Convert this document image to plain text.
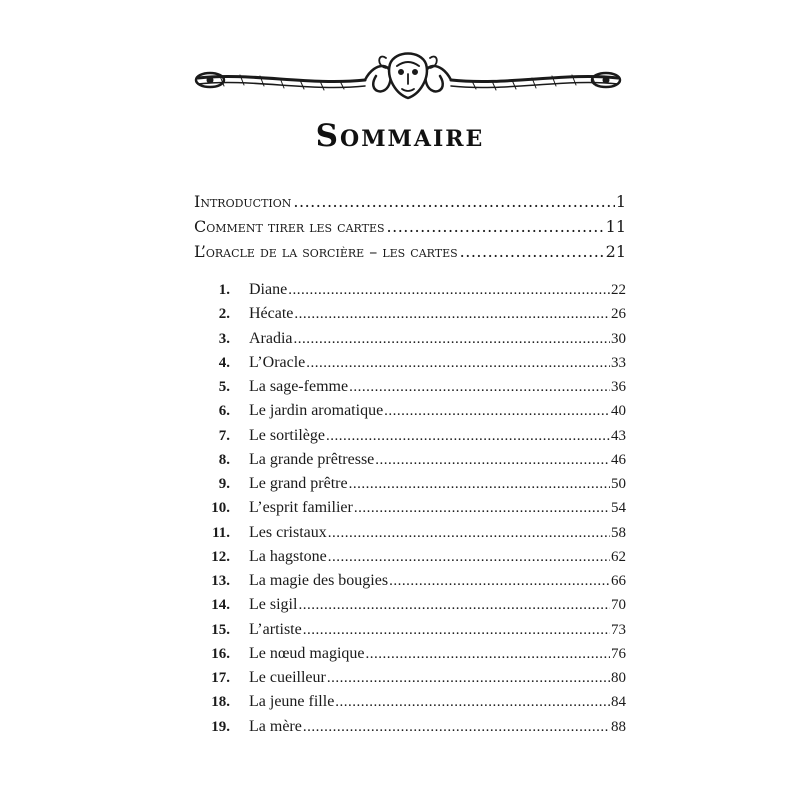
Sommaire
Introduction .....	1
Comment tirer les cartes .....	11
L’oracle de la sorcière – les cartes .....	21
1.	Diane .....	22
2.	Hécate .....	26
3.	Aradia .....	30
4.	L’Oracle .....	33
5.	La sage-femme .....	36
6.	Le jardin aromatique .....	40
7.	Le sortilège .....	43
8.	La grande prêtresse .....	46
9.	Le grand prêtre .....	50
10.	L’esprit familier .....	54
11.	Les cristaux .....	58
12.	La hagstone .....	62
13.	La magie des bougies .....	66
14.	Le sigil .....	70
15.	L’artiste .....	73
16.	Le nœud magique .....	76
17.	Le cueilleur .....	80
18.	La jeune fille .....	84
19.	La mère .....	88
